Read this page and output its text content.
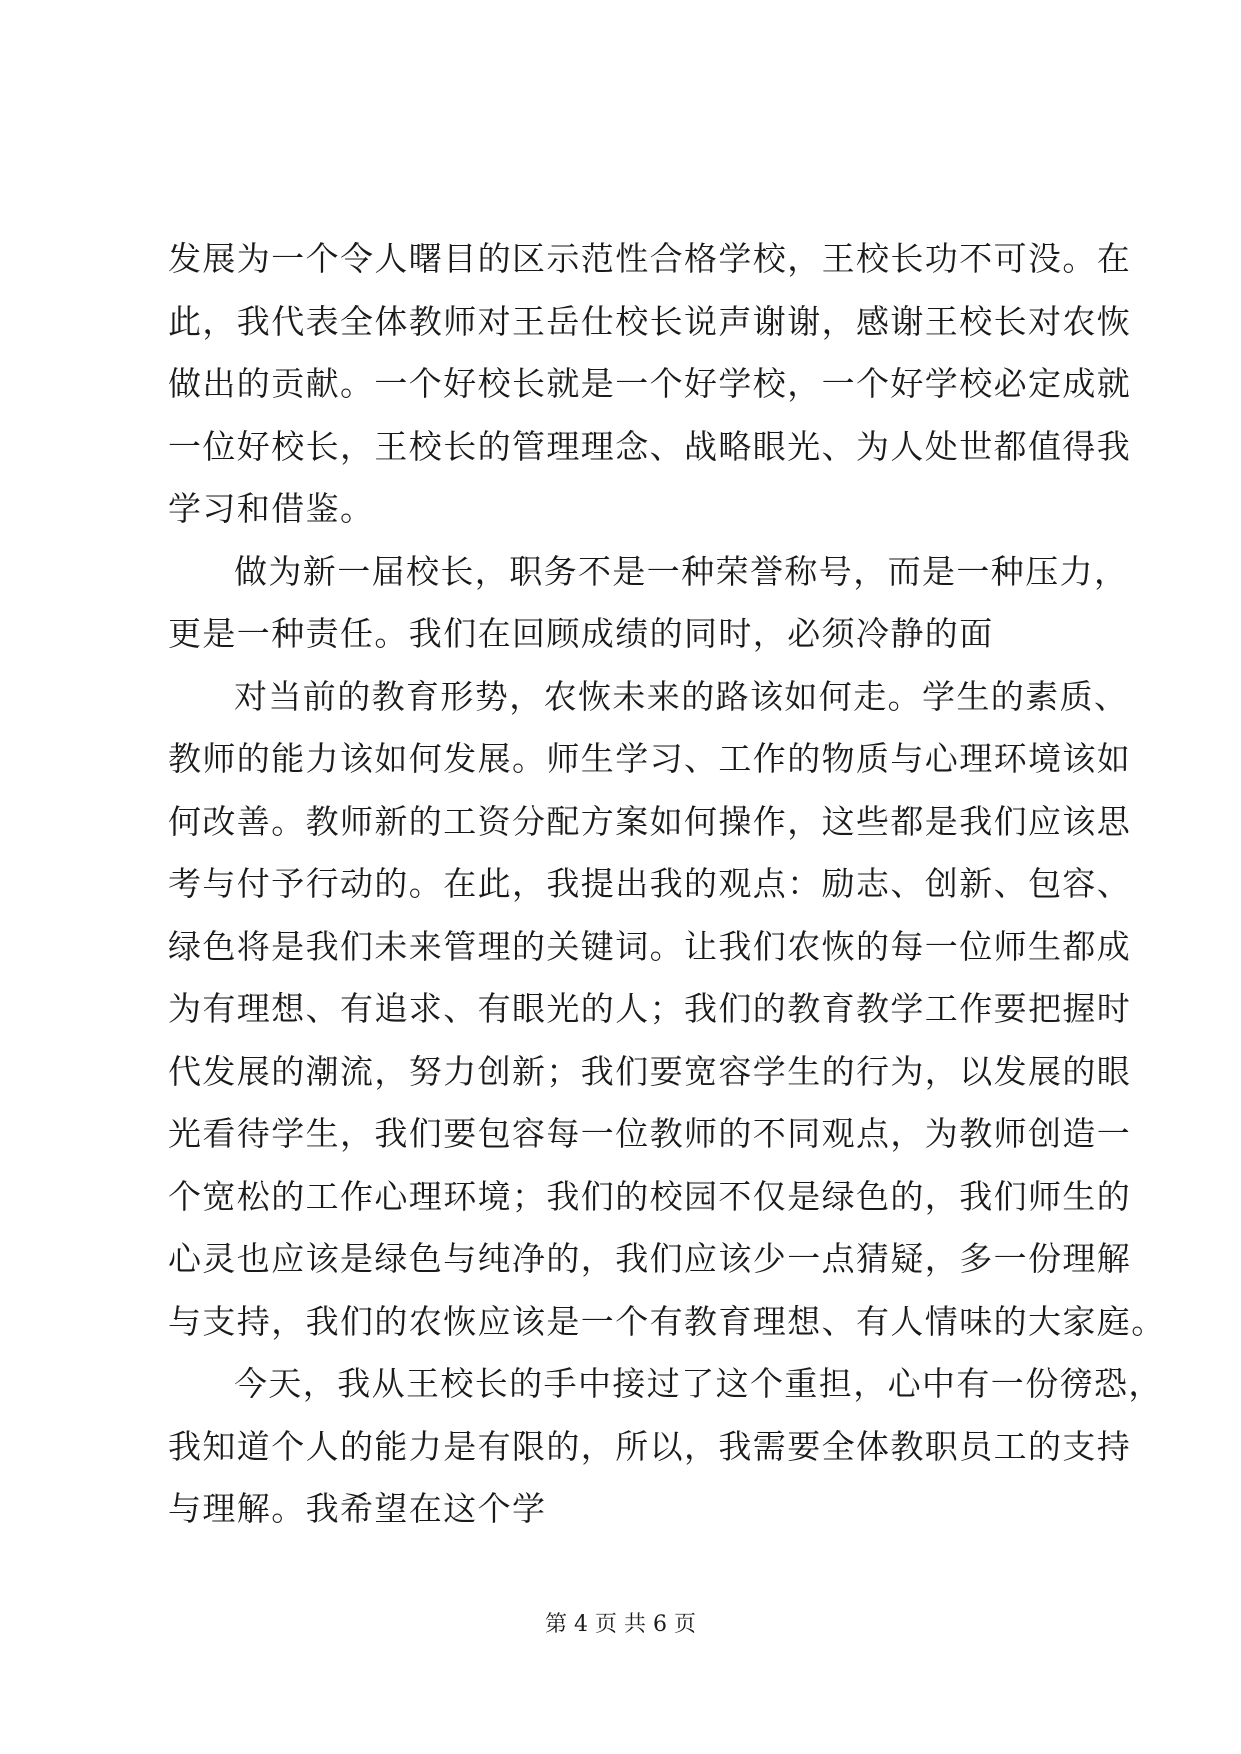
发展为一个令人曙目的区示范性合格学校，王校长功不可没。在
此，我代表全体教师对王岳仕校长说声谢谢，感谢王校长对农恢
做出的贡献。一个好校长就是一个好学校，一个好学校必定成就
一位好校长，王校长的管理理念、战略眼光、为人处世都值得我
学习和借鉴。
做为新一届校长，职务不是一种荣誉称号，而是一种压力，
更是一种责任。我们在回顾成绩的同时，必须冷静的面
对当前的教育形势，农恢未来的路该如何走。学生的素质、
教师的能力该如何发展。师生学习、工作的物质与心理环境该如
何改善。教师新的工资分配方案如何操作，这些都是我们应该思
考与付予行动的。在此，我提出我的观点：励志、创新、包容、
绿色将是我们未来管理的关键词。让我们农恢的每一位师生都成
为有理想、有追求、有眼光的人；我们的教育教学工作要把握时
代发展的潮流，努力创新；我们要宽容学生的行为，以发展的眼
光看待学生，我们要包容每一位教师的不同观点，为教师创造一
个宽松的工作心理环境；我们的校园不仅是绿色的，我们师生的
心灵也应该是绿色与纯净的，我们应该少一点猜疑，多一份理解
与支持，我们的农恢应该是一个有教育理想、有人情味的大家庭。
今天，我从王校长的手中接过了这个重担，心中有一份徬恐，
我知道个人的能力是有限的，所以，我需要全体教职员工的支持
与理解。我希望在这个学
第 4 页 共 6 页
